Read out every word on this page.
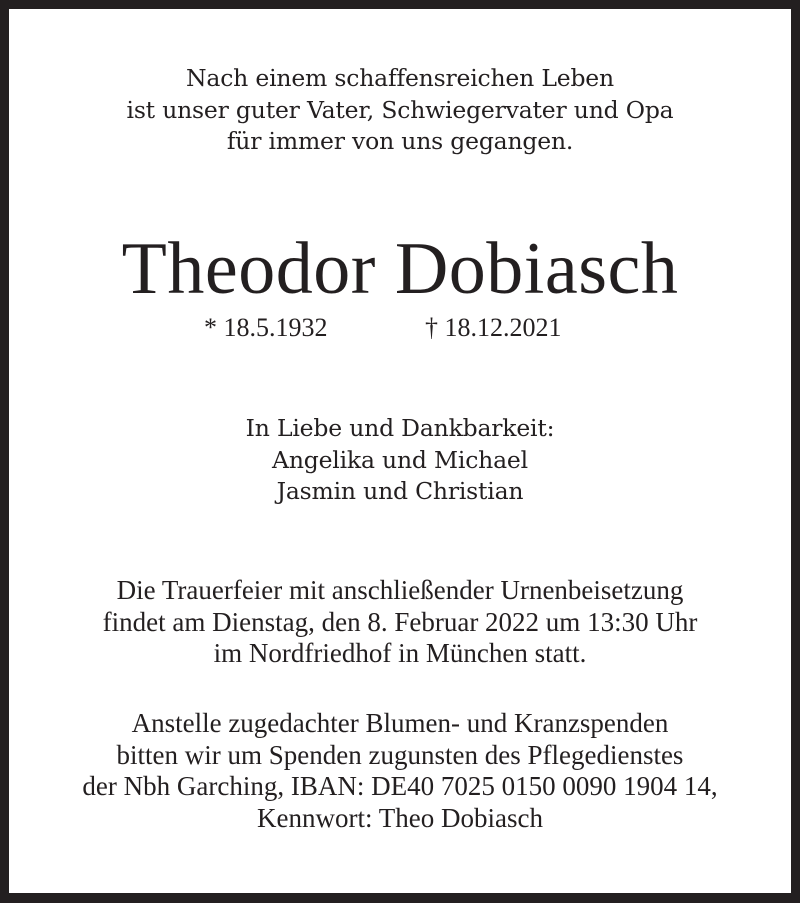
Nach einem schaffensreichen Leben
ist unser guter Vater, Schwiegervater und Opa
für immer von uns gegangen.
Theodor Dobiasch
* 18.5.1932	† 18.12.2021
In Liebe und Dankbarkeit:
Angelika und Michael
Jasmin und Christian
Die Trauerfeier mit anschließender Urnenbeisetzung
findet am Dienstag, den 8. Februar 2022 um 13:30 Uhr
im Nordfriedhof in München statt.
Anstelle zugedachter Blumen- und Kranzspenden
bitten wir um Spenden zugunsten des Pflegedienstes
der Nbh Garching, IBAN: DE40 7025 0150 0090 1904 14,
Kennwort: Theo Dobiasch
